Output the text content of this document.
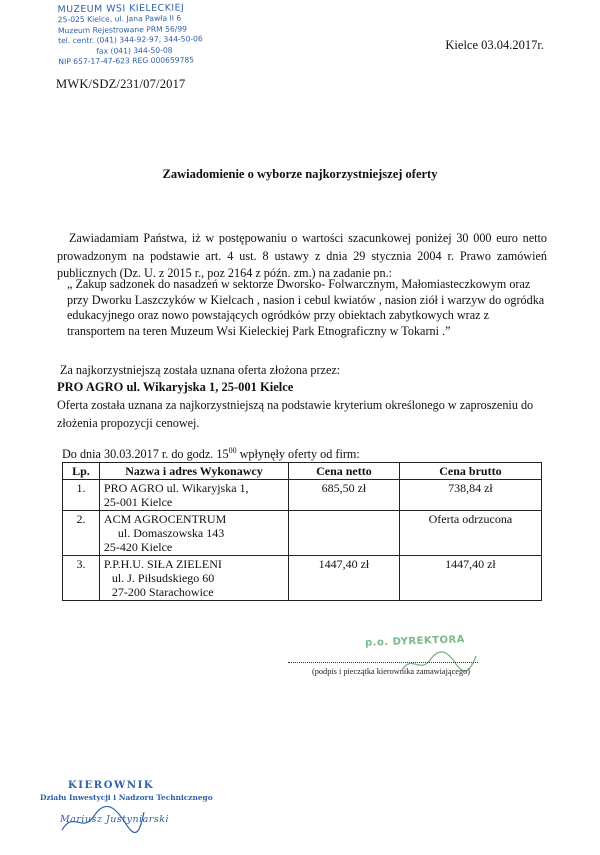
MUZEUM WSI KIELECKIEJ
25-025 Kielce, ul. Jana Pawła II 6
Muzeum Rejestrowane PRM 56/99
tel. centr. (041) 344-92-97, 344-50-06
fax (041) 344-50-08
NIP 657-17-47-623 REG 000659785
Kielce 03.04.2017r.
MWK/SDZ/231/07/2017
Zawiadomienie o wyborze najkorzystniejszej oferty
Zawiadamiam Państwa, iż w postępowaniu o wartości szacunkowej poniżej 30 000 euro netto prowadzonym na podstawie art. 4 ust. 8 ustawy z dnia 29 stycznia 2004 r. Prawo zamówień publicznych (Dz. U. z 2015 r., poz 2164 z późn. zm.) na zadanie pn.:
„ Zakup sadzonek do nasadzeń w sektorze Dworsko- Folwarcznym, Małomiasteczkowym oraz przy Dworku Laszczyków w Kielcach , nasion i cebul kwiatów , nasion ziół i warzyw do ogródka edukacyjnego oraz nowo powstających ogródków przy obiektach zabytkowych wraz z transportem na teren Muzeum Wsi Kieleckiej Park Etnograficzny w Tokarni .”
Za najkorzystniejszą została uznana oferta złożona przez:
PRO AGRO ul. Wikaryjska 1, 25-001 Kielce
Oferta została uznana za najkorzystniejszą na podstawie kryterium określonego w zaproszeniu do złożenia propozycji cenowej.
Do dnia 30.03.2017 r. do godz. $15^{00}$ wpłynęły oferty od firm:
Lp.	Nazwa i adres Wykonawcy	Cena netto	Cena brutto
1.	PRO AGRO ul. Wikaryjska 1,
25-001 Kielce	685,50 zł	738,84 zł
2.	ACM AGROCENTRUM
ul. Domaszowska 143
25-420 Kielce		Oferta odrzucona
3.	P.P.H.U. SIŁA ZIELENI
ul. J. Piłsudskiego 60
27-200 Starachowice	1447,40 zł	1447,40 zł
p.o. DYREKTORA
(podpis i pieczątka kierownika zamawiającego)
KIEROWNIK
Działu Inwestycji i Nadzoru Technicznego
Mariusz Justyniarski
